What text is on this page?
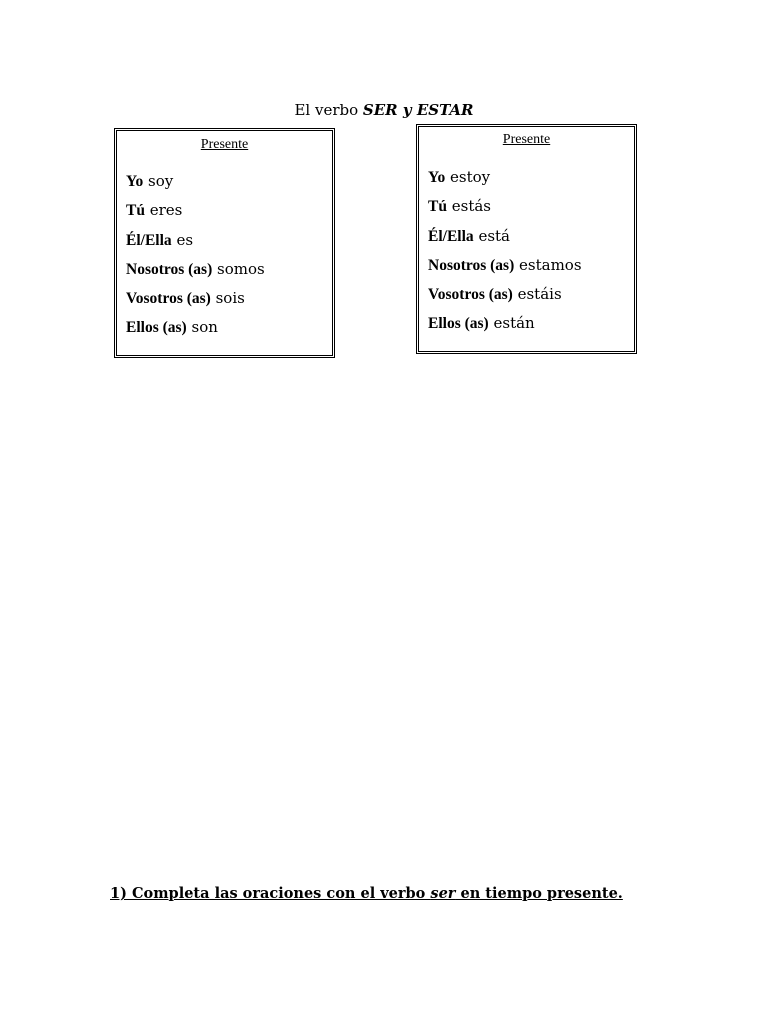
El verbo SER y ESTAR
Presente
Yo soy
Tú eres
Él/Ella es
Nosotros (as) somos
Vosotros (as) sois
Ellos (as) son
Presente
Yo estoy
Tú estás
Él/Ella está
Nosotros (as) estamos
Vosotros (as) estáis
Ellos (as) están
1) Completa las oraciones con el verbo ser en tiempo presente.
